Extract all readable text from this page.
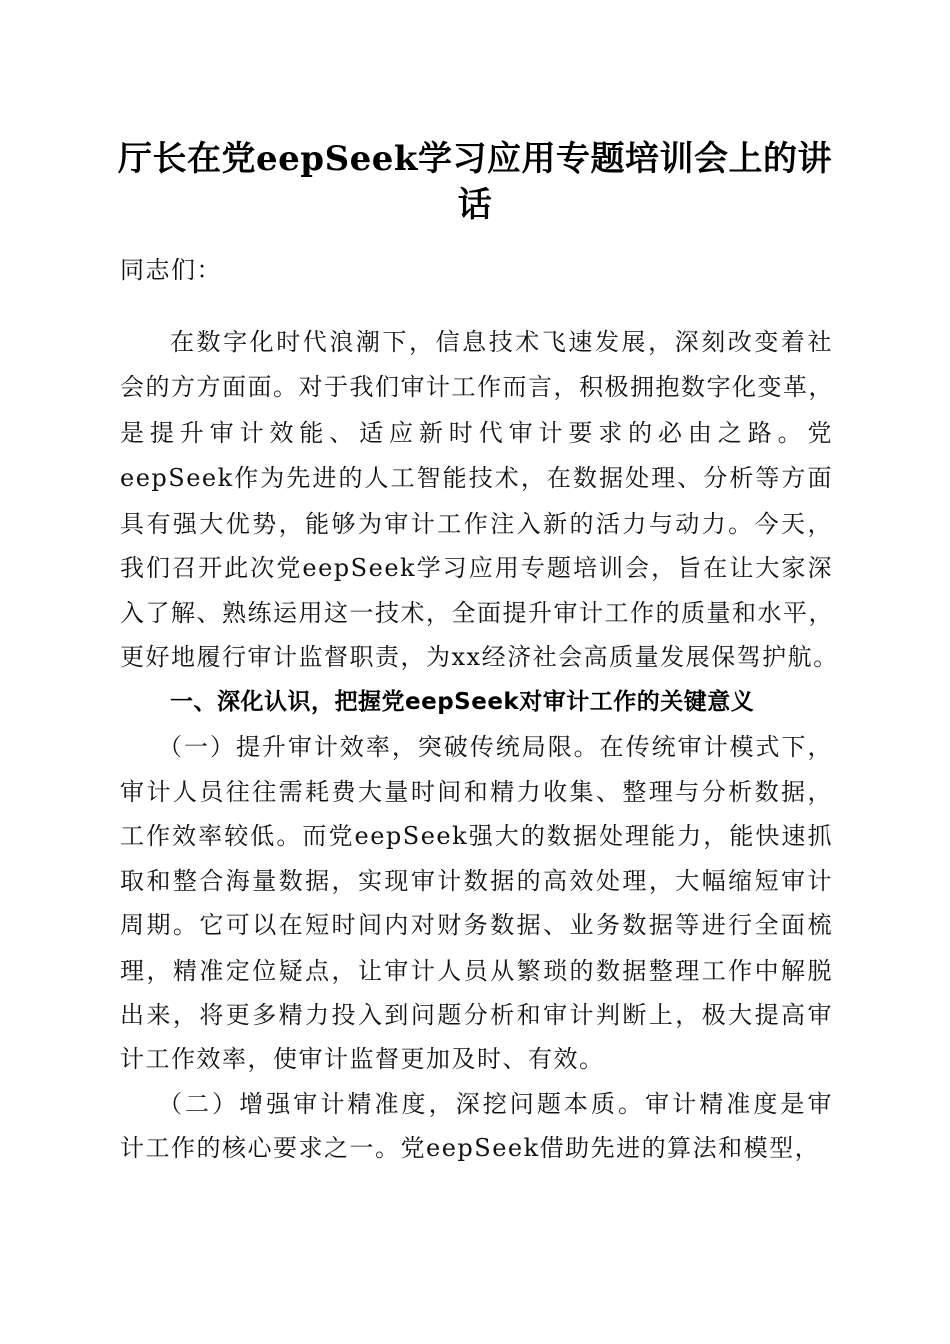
厅长在党eepSeek学习应用专题培训会上的讲
话
同志们：
在数字化时代浪潮下，信息技术飞速发展，深刻改变着社
会的方方面面。对于我们审计工作而言，积极拥抱数字化变革，
是提升审计效能、适应新时代审计要求的必由之路。党
eepSeek作为先进的人工智能技术，在数据处理、分析等方面
具有强大优势，能够为审计工作注入新的活力与动力。今天，
我们召开此次党eepSeek学习应用专题培训会，旨在让大家深
入了解、熟练运用这一技术，全面提升审计工作的质量和水平，
更好地履行审计监督职责，为xx经济社会高质量发展保驾护航。
一、深化认识，把握党eepSeek对审计工作的关键意义
（一）提升审计效率，突破传统局限。在传统审计模式下，
审计人员往往需耗费大量时间和精力收集、整理与分析数据，
工作效率较低。而党eepSeek强大的数据处理能力，能快速抓
取和整合海量数据，实现审计数据的高效处理，大幅缩短审计
周期。它可以在短时间内对财务数据、业务数据等进行全面梳
理，精准定位疑点，让审计人员从繁琐的数据整理工作中解脱
出来，将更多精力投入到问题分析和审计判断上，极大提高审
计工作效率，使审计监督更加及时、有效。
（二）增强审计精准度，深挖问题本质。审计精准度是审
计工作的核心要求之一。党eepSeek借助先进的算法和模型，
